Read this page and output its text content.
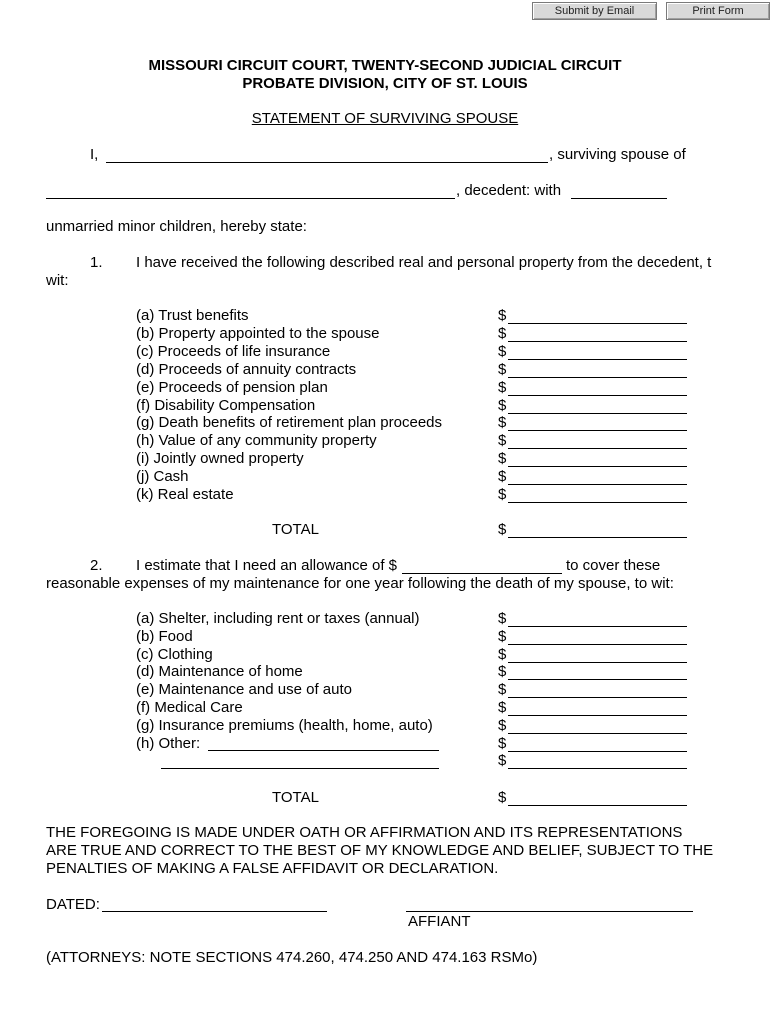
Submit by Email	Print Form
MISSOURI CIRCUIT COURT, TWENTY-SECOND JUDICIAL CIRCUIT
PROBATE DIVISION, CITY OF ST. LOUIS
STATEMENT OF SURVIVING SPOUSE
I,	, surviving spouse of
, decedent: with
unmarried minor children, hereby state:
1. I have received the following described real and personal property from the decedent, t
wit:
(a) Trust benefits	$
(b) Property appointed to the spouse	$
(c) Proceeds of life insurance	$
(d) Proceeds of annuity contracts	$
(e) Proceeds of pension plan	$
(f) Disability Compensation	$
(g) Death benefits of retirement plan proceeds	$
(h) Value of any community property	$
(i) Jointly owned property	$
(j) Cash	$
(k) Real estate	$
TOTAL	$
2. I estimate that I need an allowance of $	to cover these
reasonable expenses of my maintenance for one year following the death of my spouse, to wit:
(a) Shelter, including rent or taxes (annual)	$
(b) Food	$
(c) Clothing	$
(d) Maintenance of home	$
(e) Maintenance and use of auto	$
(f) Medical Care	$
(g) Insurance premiums (health, home, auto)	$
(h) Other:	$
$
TOTAL	$
THE FOREGOING IS MADE UNDER OATH OR AFFIRMATION AND ITS REPRESENTATIONS
ARE TRUE AND CORRECT TO THE BEST OF MY KNOWLEDGE AND BELIEF, SUBJECT TO THE
PENALTIES OF MAKING A FALSE AFFIDAVIT OR DECLARATION.
DATED:
AFFIANT
(ATTORNEYS: NOTE SECTIONS 474.260, 474.250 AND 474.163 RSMo)
